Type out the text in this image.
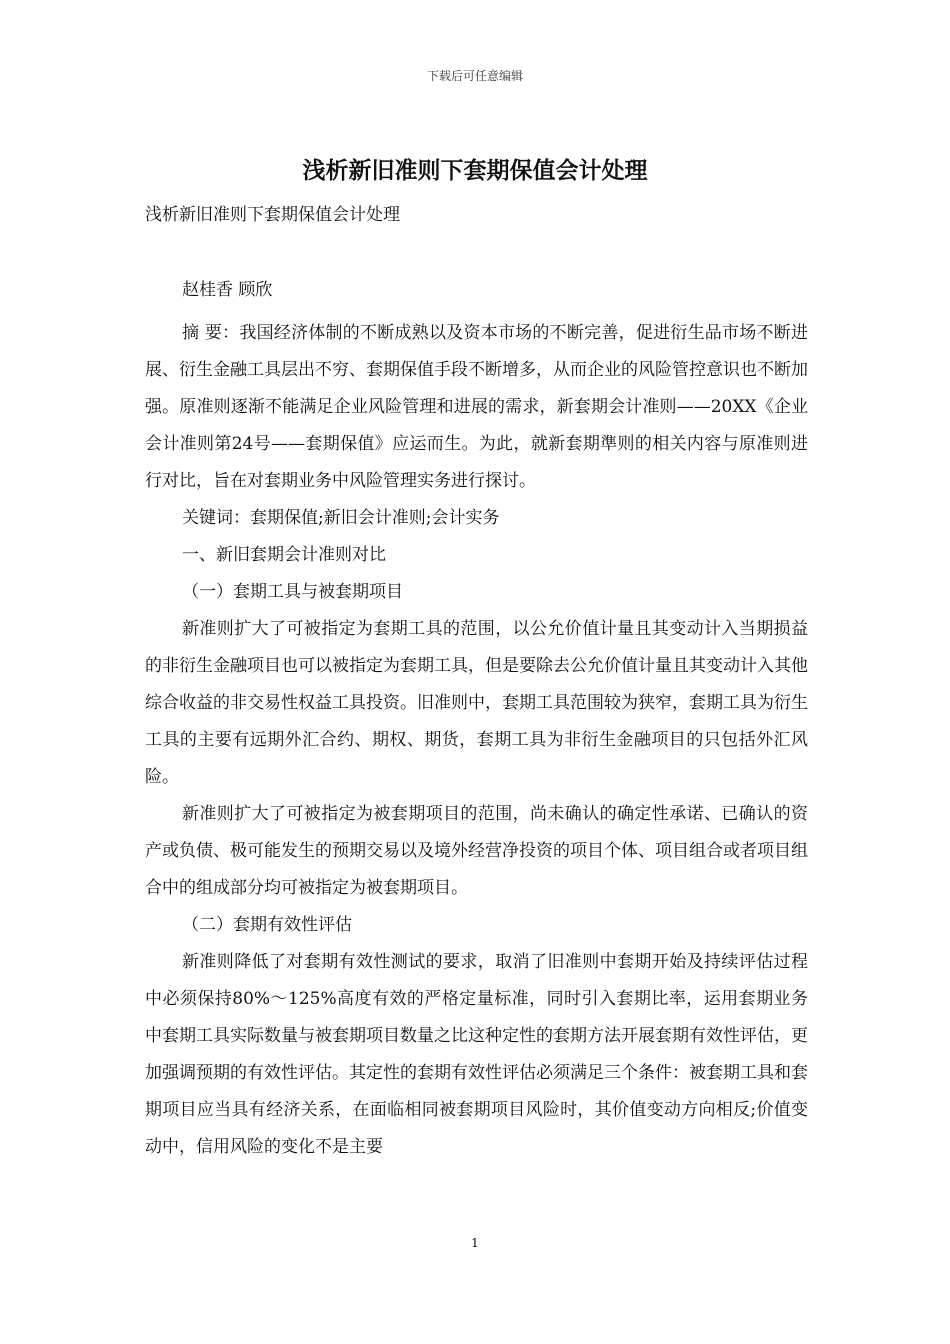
下载后可任意编辑
浅析新旧准则下套期保值会计处理

浅析新旧准则下套期保值会计处理

赵桂香 顾欣

摘 要：我国经济体制的不断成熟以及资本市场的不断完善，促进衍生品市场不断进展、衍生金融工具层出不穷、套期保值手段不断增多，从而企业的风险管控意识也不断加强。原准则逐渐不能满足企业风险管理和进展的需求，新套期会计准则——20XX《企业会计准则第24号——套期保值》应运而生。为此，就新套期準则的相关内容与原准则进行对比，旨在对套期业务中风险管理实务进行探讨。

关键词：套期保值;新旧会计准则;会计实务

一、新旧套期会计准则对比

（一）套期工具与被套期项目

新准则扩大了可被指定为套期工具的范围，以公允价值计量且其变动计入当期损益的非衍生金融项目也可以被指定为套期工具，但是要除去公允价值计量且其变动计入其他综合收益的非交易性权益工具投资。旧准则中，套期工具范围较为狭窄，套期工具为衍生工具的主要有远期外汇合约、期权、期货，套期工具为非衍生金融项目的只包括外汇风险。

新准则扩大了可被指定为被套期项目的范围，尚未确认的确定性承诺、已确认的资产或负债、极可能发生的预期交易以及境外经营净投资的项目个体、项目组合或者项目组合中的组成部分均可被指定为被套期项目。

（二）套期有效性评估

新准则降低了对套期有效性测试的要求，取消了旧准则中套期开始及持续评估过程中必须保持80%～125%高度有效的严格定量标准，同时引入套期比率，运用套期业务中套期工具实际数量与被套期项目数量之比这种定性的套期方法开展套期有效性评估，更加强调预期的有效性评估。其定性的套期有效性评估必须满足三个条件：被套期工具和套期项目应当具有经济关系，在面临相同被套期项目风险时，其价值变动方向相反;价值变动中，信用风险的变化不是主要

1
